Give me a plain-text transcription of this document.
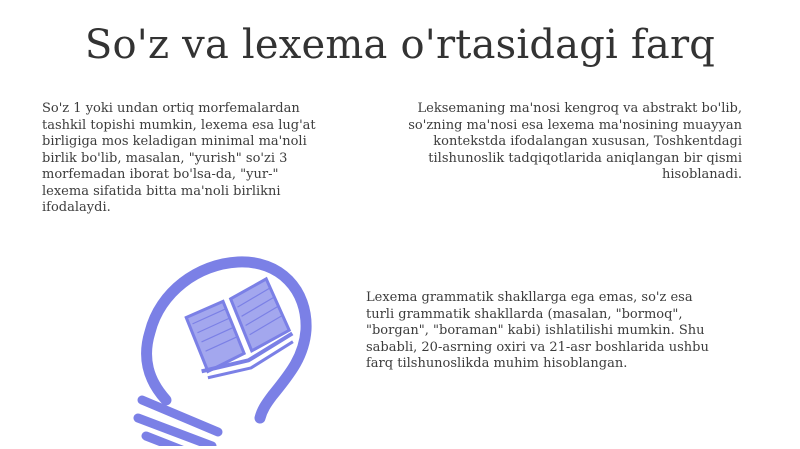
So'z va lexema o'rtasidagi farq

So'z 1 yoki undan ortiq morfemalardan
tashkil topishi mumkin, lexema esa lug'at
birligiga mos keladigan minimal ma'noli
birlik bo'lib, masalan, "yurish" so'zi 3
morfemadan iborat bo'lsa-da, "yur-"
lexema sifatida bitta ma'noli birlikni
ifodalaydi.

Leksemaning ma'nosi kengroq va abstrakt bo'lib,
so'zning ma'nosi esa lexema ma'nosining muayyan
kontekstda ifodalangan xususan, Toshkentdagi
tilshunoslik tadqiqotlarida aniqlangan bir qismi
hisoblanadi.

Lexema grammatik shakllarga ega emas, so'z esa
turli grammatik shakllarda (masalan, "bormoq",
"borgan", "boraman" kabi) ishlatilishi mumkin. Shu
sababli, 20-asrning oxiri va 21-asr boshlarida ushbu
farq tilshunoslikda muhim hisoblangan.
